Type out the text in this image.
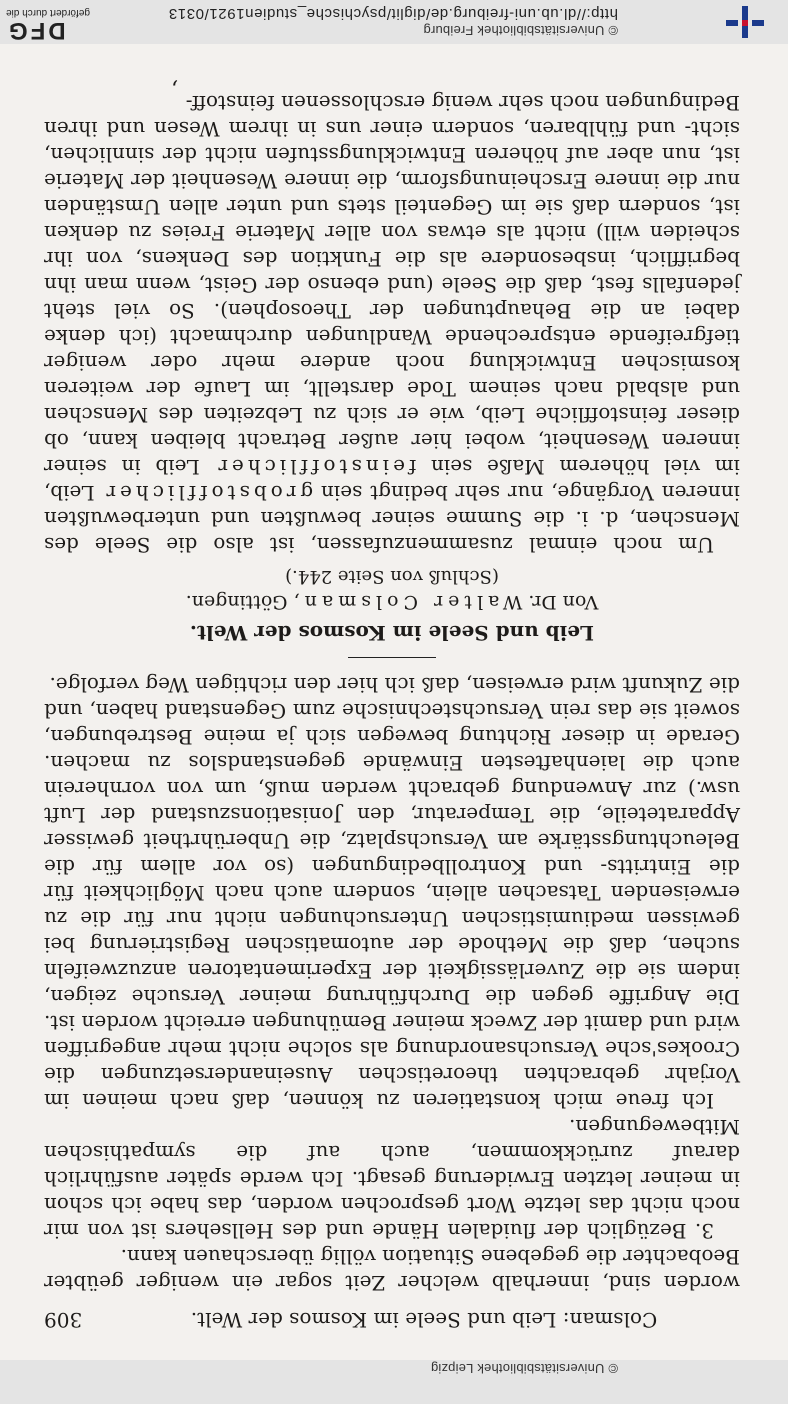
© Universitätsbibliothek Leipzig
Colsman: Leib und Seele im Kosmos der Welt.
309

worden sind, innerhalb welcher Zeit sogar ein weniger geübter Beobachter die gegebene Situation völlig überschauen kann.

3. Bezüglich der fluidalen Hände und des Hellsehers ist von mir noch nicht das letzte Wort gesprochen worden, das habe ich schon in meiner letzten Erwiderung gesagt. Ich werde später ausführlich darauf zurückkommen, auch auf die sympathischen Mitbewegungen.

Ich freue mich konstatieren zu können, daß nach meinen im Vorjahr gebrachten theoretischen Auseinandersetzungen die Crookes'sche Versuchsanordnung als solche nicht mehr angegriffen wird und damit der Zweck meiner Bemühungen erreicht worden ist. Die Angriffe gegen die Durchführung meiner Versuche zeigen, indem sie die Zuverlässigkeit der Experimentatoren anzuzweifeln suchen, daß die Methode der automatischen Registrierung bei gewissen mediumistischen Untersuchungen nicht nur für die zu erweisenden Tatsachen allein, sondern auch nach Möglichkeit für die Eintritts- und Kontrollbedingungen (so vor allem für die Beleuchtungsstärke am Versuchsplatz, die Unberührtheit gewisser Apparateteile, die Temperatur, den Jonisationszustand der Luft usw.) zur Anwendung gebracht werden muß, um von vornherein auch die laienhaftesten Einwände gegenstandslos zu machen. Gerade in dieser Richtung bewegen sich ja meine Bestrebungen, soweit sie das rein Versuchstechnische zum Gegenstand haben, und die Zukunft wird erweisen, daß ich hier den richtigen Weg verfolge.

Leib und Seele im Kosmos der Welt.
Von Dr. Walter Colsman, Göttingen.
(Schluß von Seite 244.)

Um noch einmal zusammenzufassen, ist also die Seele des Menschen, d. i. die Summe seiner bewußten und unterbewußten inneren Vorgänge, nur sehr bedingt sein grobstofflicher Leib, im viel höherem Maße sein feinstofflicher Leib in seiner inneren Wesenheit, wobei hier außer Betracht bleiben kann, ob dieser feinstoffliche Leib, wie er sich zu Lebzeiten des Menschen und alsbald nach seinem Tode darstellt, im Laufe der weiteren kosmischen Entwicklung noch andere mehr oder weniger tiefgreifende entsprechende Wandlungen durchmacht (ich denke dabei an die Behauptungen der Theosophen). So viel steht jedenfalls fest, daß die Seele (und ebenso der Geist, wenn man ihn begrifflich, insbesondere als die Funktion des Denkens, von ihr scheiden will) nicht als etwas von aller Materie Freies zu denken ist, sondern daß sie im Gegenteil stets und unter allen Umständen nur die innere Erscheinungsform, die innere Wesenheit der Materie ist, nun aber auf höheren Entwicklungsstufen nicht der sinnlichen, sicht- und fühlbaren, sondern einer uns in ihrem Wesen und ihren Bedingungen noch sehr wenig erschlossenen feinstoff-

,
© Universitätsbibliothek Freiburg
http://dl.ub.uni-freiburg.de/diglit/psychische_studien1921/0313
DFG
gefördert durch die
